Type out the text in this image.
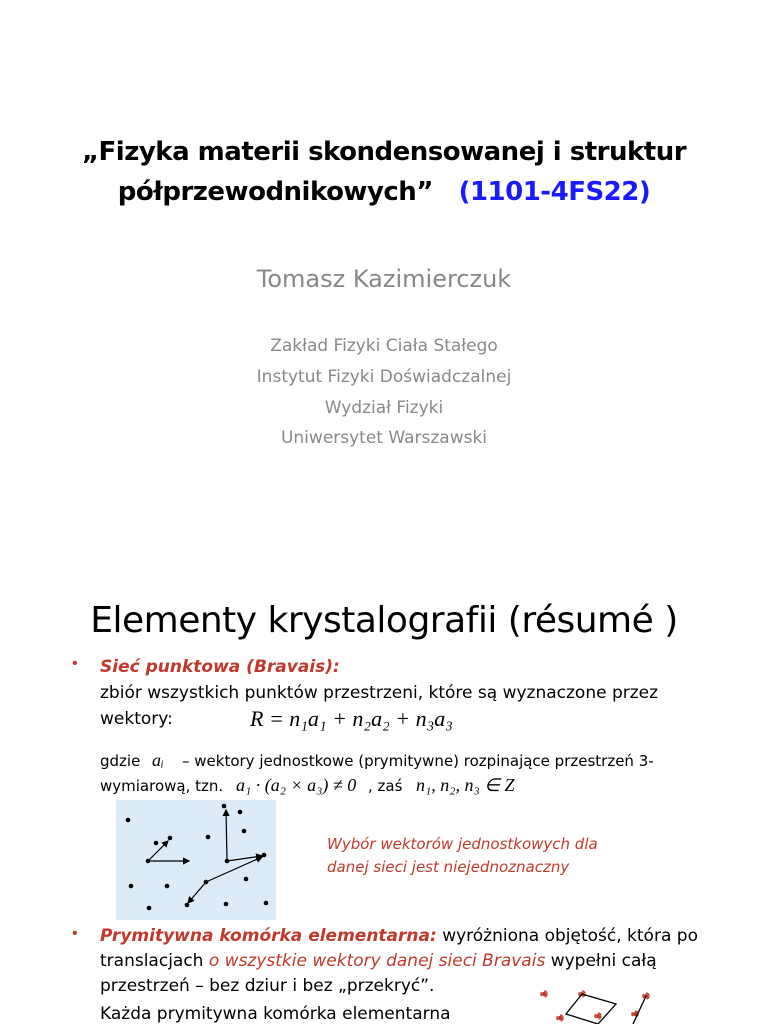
„Fizyka materii skondensowanej i struktur
półprzewodnikowych” (1101-4FS22)
Tomasz Kazimierczuk
Zakład Fizyki Ciała Stałego
Instytut Fizyki Doświadczalnej
Wydział Fizyki
Uniwersytet Warszawski
Elementy krystalografii (résumé )
• Sieć punktowa (Bravais):
zbiór wszystkich punktów przestrzeni, które są wyznaczone przez
wektory:	R = n₁a₁ + n₂a₂ + n₃a₃
gdzie aᵢ – wektory jednostkowe (prymitywne) rozpinające przestrzeń 3-
wymiarową, tzn. a₁ · (a₂ × a₃) ≠ 0 , zaś n₁, n₂, n₃ ∈ Z
Wybór wektorów jednostkowych dla
danej sieci jest niejednoznaczny
• Prymitywna komórka elementarna: wyróżniona objętość, która po
translacjach o wszystkie wektory danej sieci Bravais wypełni całą
przestrzeń – bez dziur i bez „przekryć”.
Każda prymitywna komórka elementarna
